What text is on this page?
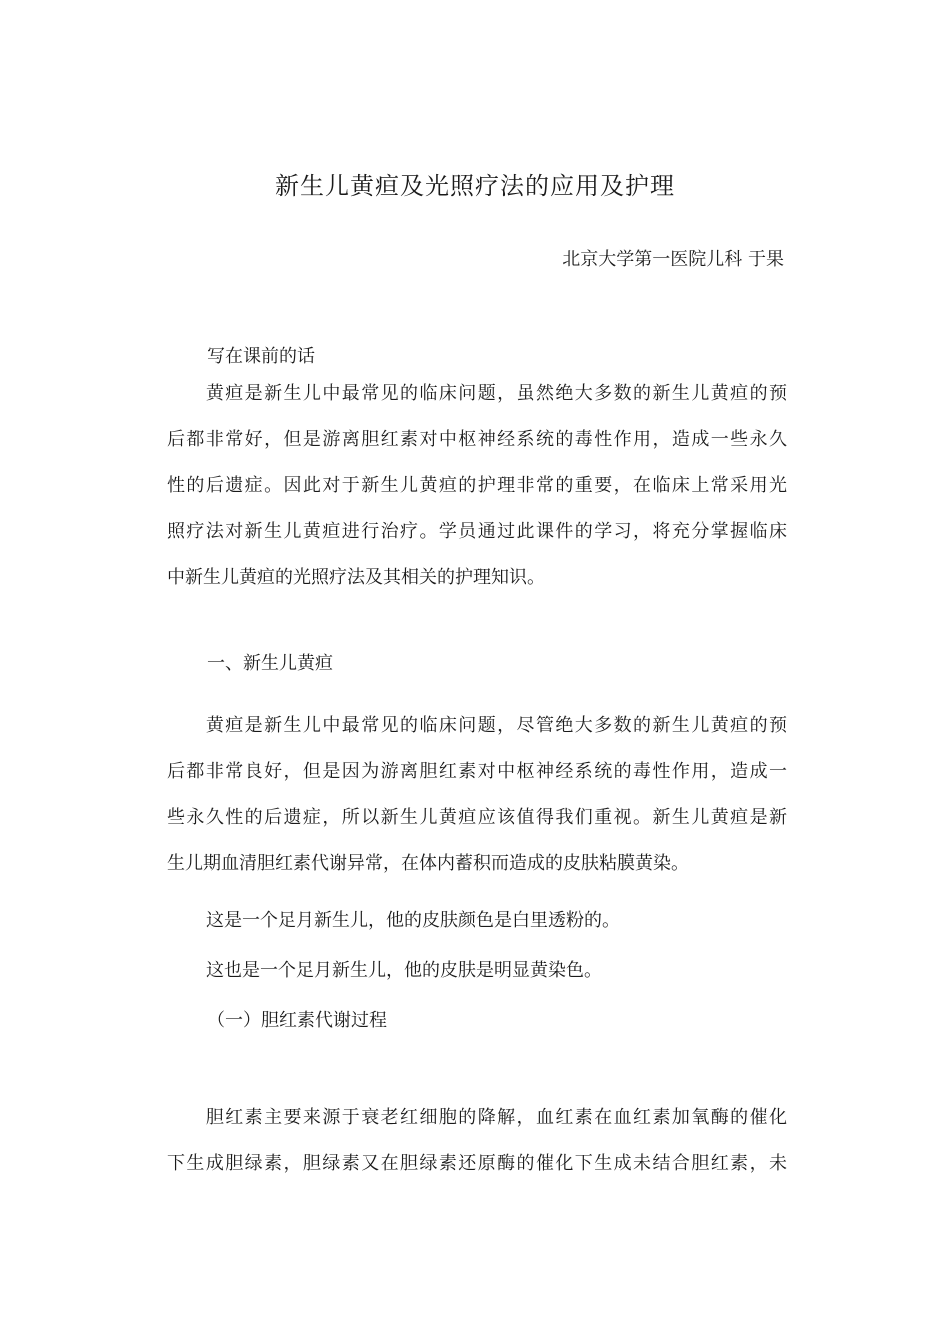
新生儿黄疸及光照疗法的应用及护理
北京大学第一医院儿科 于果

写在课前的话

　　黄疸是新生儿中最常见的临床问题，虽然绝大多数的新生儿黄疸的预
后都非常好，但是游离胆红素对中枢神经系统的毒性作用，造成一些永久
性的后遗症。因此对于新生儿黄疸的护理非常的重要，在临床上常采用光
照疗法对新生儿黄疸进行治疗。学员通过此课件的学习，将充分掌握临床
中新生儿黄疸的光照疗法及其相关的护理知识。

一、新生儿黄疸

　　黄疸是新生儿中最常见的临床问题，尽管绝大多数的新生儿黄疸的预
后都非常良好，但是因为游离胆红素对中枢神经系统的毒性作用，造成一
些永久性的后遗症，所以新生儿黄疸应该值得我们重视。新生儿黄疸是新
生儿期血清胆红素代谢异常，在体内蓄积而造成的皮肤粘膜黄染。

这是一个足月新生儿，他的皮肤颜色是白里透粉的。

这也是一个足月新生儿，他的皮肤是明显黄染色。

（一）胆红素代谢过程

　　胆红素主要来源于衰老红细胞的降解，血红素在血红素加氧酶的催化
下生成胆绿素，胆绿素又在胆绿素还原酶的催化下生成未结合胆红素，未
